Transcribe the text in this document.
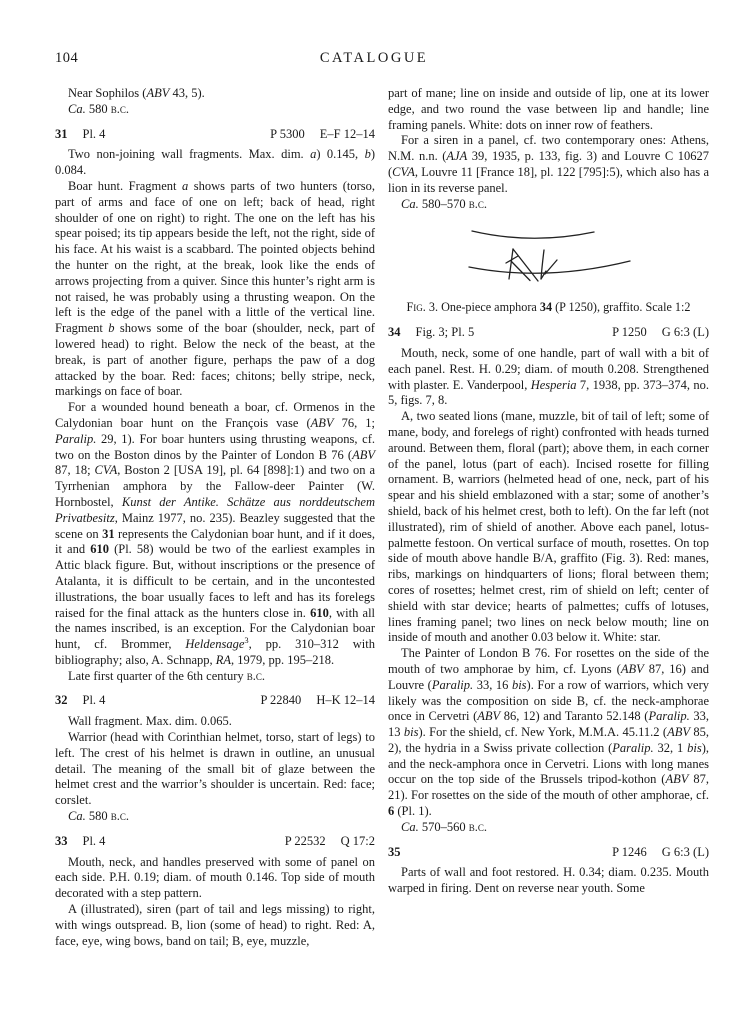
104	CATALOGUE

Near Sophilos (ABV 43, 5).

Ca. 580 b.c.

31 Pl. 4	P 5300 E–F 12–14

Two non-joining wall fragments. Max. dim. a) 0.145, b) 0.084.

Boar hunt. Fragment a shows parts of two hunters (torso, part of arms and face of one on left; back of head, right shoulder of one on right) to right. The one on the left has his spear poised; its tip appears beside the left, not the right, side of his face. At his waist is a scabbard. The pointed objects behind the hunter on the right, at the break, look like the ends of arrows projecting from a quiver. Since this hunter’s right arm is not raised, he was probably using a thrusting weapon. On the left is the edge of the panel with a little of the vertical line. Fragment b shows some of the boar (shoulder, neck, part of lowered head) to right. Below the neck of the beast, at the break, is part of another figure, perhaps the paw of a dog attacked by the boar. Red: faces; chitons; belly stripe, neck, markings on face of boar.

For a wounded hound beneath a boar, cf. Ormenos in the Calydonian boar hunt on the François vase (ABV 76, 1; Paralip. 29, 1). For boar hunters using thrusting weapons, cf. two on the Boston dinos by the Painter of London B 76 (ABV 87, 18; CVA, Boston 2 [USA 19], pl. 64 [898]:1) and two on a Tyrrhenian amphora by the Fallow-deer Painter (W. Hornbostel, Kunst der Antike. Schätze aus norddeutschem Privatbesitz, Mainz 1977, no. 235). Beazley suggested that the scene on 31 represents the Calydonian boar hunt, and if it does, it and 610 (Pl. 58) would be two of the earliest examples in Attic black figure. But, without inscriptions or the presence of Atalanta, it is difficult to be certain, and in the uncontested illustrations, the boar usually faces to left and has its forelegs raised for the final attack as the hunters close in. 610, with all the names inscribed, is an exception. For the Calydonian boar hunt, cf. Brommer, Heldensage$^3$, pp. 310–312 with bibliography; also, A. Schnapp, RA, 1979, pp. 195–218.

Late first quarter of the 6th century b.c.

32 Pl. 4	P 22840 H–K 12–14

Wall fragment. Max. dim. 0.065.

Warrior (head with Corinthian helmet, torso, start of legs) to left. The crest of his helmet is drawn in outline, an unusual detail. The meaning of the small bit of glaze between the helmet crest and the warrior’s shoulder is uncertain. Red: face; corslet.

Ca. 580 b.c.

33 Pl. 4	P 22532 Q 17:2

Mouth, neck, and handles preserved with some of panel on each side. P.H. 0.19; diam. of mouth 0.146. Top side of mouth decorated with a step pattern.

A (illustrated), siren (part of tail and legs missing) to right, with wings outspread. B, lion (some of head) to right. Red: A, face, eye, wing bows, band on tail; B, eye, muzzle,

part of mane; line on inside and outside of lip, one at its lower edge, and two round the vase between lip and handle; line framing panels. White: dots on inner row of feathers.

For a siren in a panel, cf. two contemporary ones: Athens, N.M. n.n. (AJA 39, 1935, p. 133, fig. 3) and Louvre C 10627 (CVA, Louvre 11 [France 18], pl. 122 [795]:5), which also has a lion in its reverse panel.

Ca. 580–570 b.c.

Fig. 3. One-piece amphora 34 (P 1250), graffito. Scale 1:2
34 Fig. 3; Pl. 5	P 1250 G 6:3 (L)

Mouth, neck, some of one handle, part of wall with a bit of each panel. Rest. H. 0.29; diam. of mouth 0.208. Strengthened with plaster. E. Vanderpool, Hesperia 7, 1938, pp. 373–374, no. 5, figs. 7, 8.

A, two seated lions (mane, muzzle, bit of tail of left; some of mane, body, and forelegs of right) confronted with heads turned around. Between them, floral (part); above them, in each corner of the panel, lotus (part of each). Incised rosette for filling ornament. B, warriors (helmeted head of one, neck, part of his spear and his shield emblazoned with a star; some of another’s shield, back of his helmet crest, both to left). On the far left (not illustrated), rim of shield of another. Above each panel, lotus-palmette festoon. On vertical surface of mouth, rosettes. On top side of mouth above handle B/A, graffito (Fig. 3). Red: manes, ribs, markings on hindquarters of lions; floral between them; cores of rosettes; helmet crest, rim of shield on left; center of shield with star device; hearts of palmettes; cuffs of lotuses, lines framing panel; two lines on neck below mouth; line on inside of mouth and another 0.03 below it. White: star.

The Painter of London B 76. For rosettes on the side of the mouth of two amphorae by him, cf. Lyons (ABV 87, 16) and Louvre (Paralip. 33, 16 bis). For a row of warriors, which very likely was the composition on side B, cf. the neck-amphorae once in Cervetri (ABV 86, 12) and Taranto 52.148 (Paralip. 33, 13 bis). For the shield, cf. New York, M.M.A. 45.11.2 (ABV 85, 2), the hydria in a Swiss private collection (Paralip. 32, 1 bis), and the neck-amphora once in Cervetri. Lions with long manes occur on the top side of the Brussels tripod-kothon (ABV 87, 21). For rosettes on the side of the mouth of other amphorae, cf. 6 (Pl. 1).

Ca. 570–560 b.c.

35	P 1246 G 6:3 (L)

Parts of wall and foot restored. H. 0.34; diam. 0.235. Mouth warped in firing. Dent on reverse near youth. Some
